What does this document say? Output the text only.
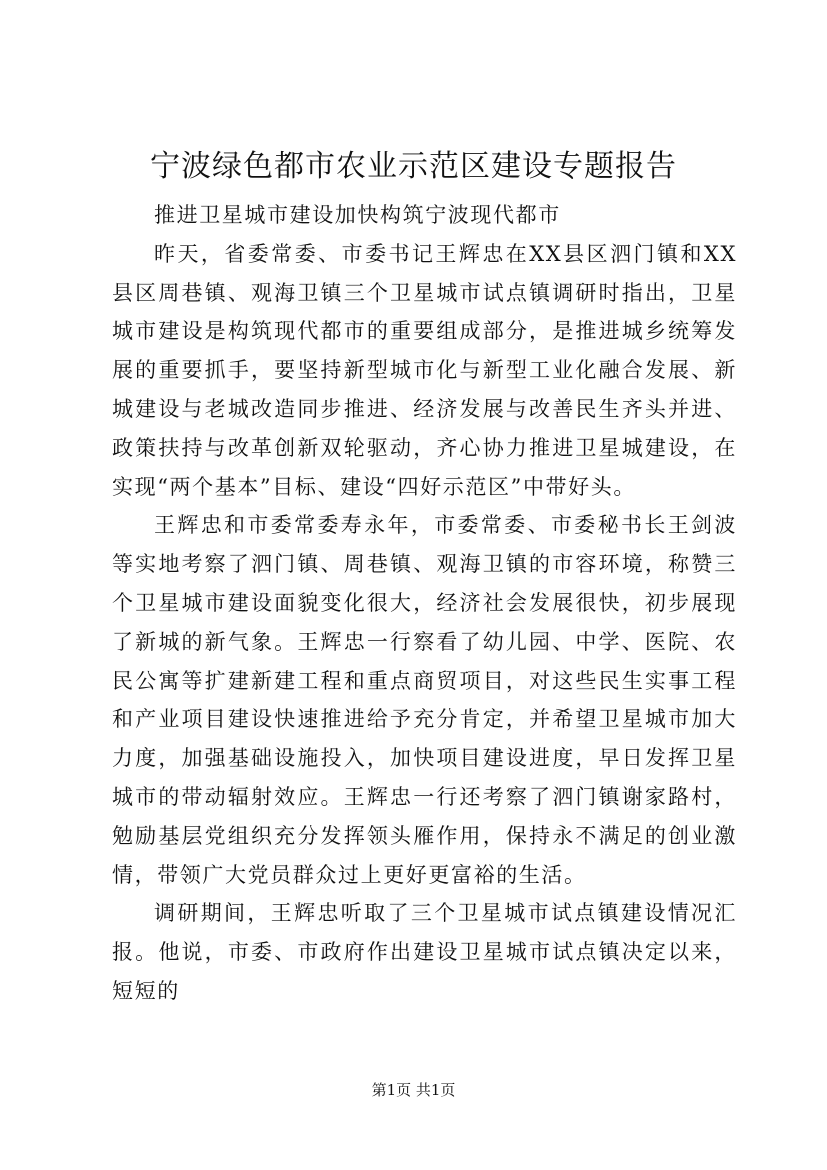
宁波绿色都市农业示范区建设专题报告

推进卫星城市建设加快构筑宁波现代都市

昨天，省委常委、市委书记王辉忠在XX县区泗门镇和XX县区周巷镇、观海卫镇三个卫星城市试点镇调研时指出，卫星城市建设是构筑现代都市的重要组成部分，是推进城乡统筹发展的重要抓手，要坚持新型城市化与新型工业化融合发展、新城建设与老城改造同步推进、经济发展与改善民生齐头并进、政策扶持与改革创新双轮驱动，齐心协力推进卫星城建设，在实现“两个基本”目标、建设“四好示范区”中带好头。

王辉忠和市委常委寿永年，市委常委、市委秘书长王剑波等实地考察了泗门镇、周巷镇、观海卫镇的市容环境，称赞三个卫星城市建设面貌变化很大，经济社会发展很快，初步展现了新城的新气象。王辉忠一行察看了幼儿园、中学、医院、农民公寓等扩建新建工程和重点商贸项目，对这些民生实事工程和产业项目建设快速推进给予充分肯定，并希望卫星城市加大力度，加强基础设施投入，加快项目建设进度，早日发挥卫星城市的带动辐射效应。王辉忠一行还考察了泗门镇谢家路村，勉励基层党组织充分发挥领头雁作用，保持永不满足的创业激情，带领广大党员群众过上更好更富裕的生活。

调研期间，王辉忠听取了三个卫星城市试点镇建设情况汇报。他说，市委、市政府作出建设卫星城市试点镇决定以来，短短的

第1页 共1页
